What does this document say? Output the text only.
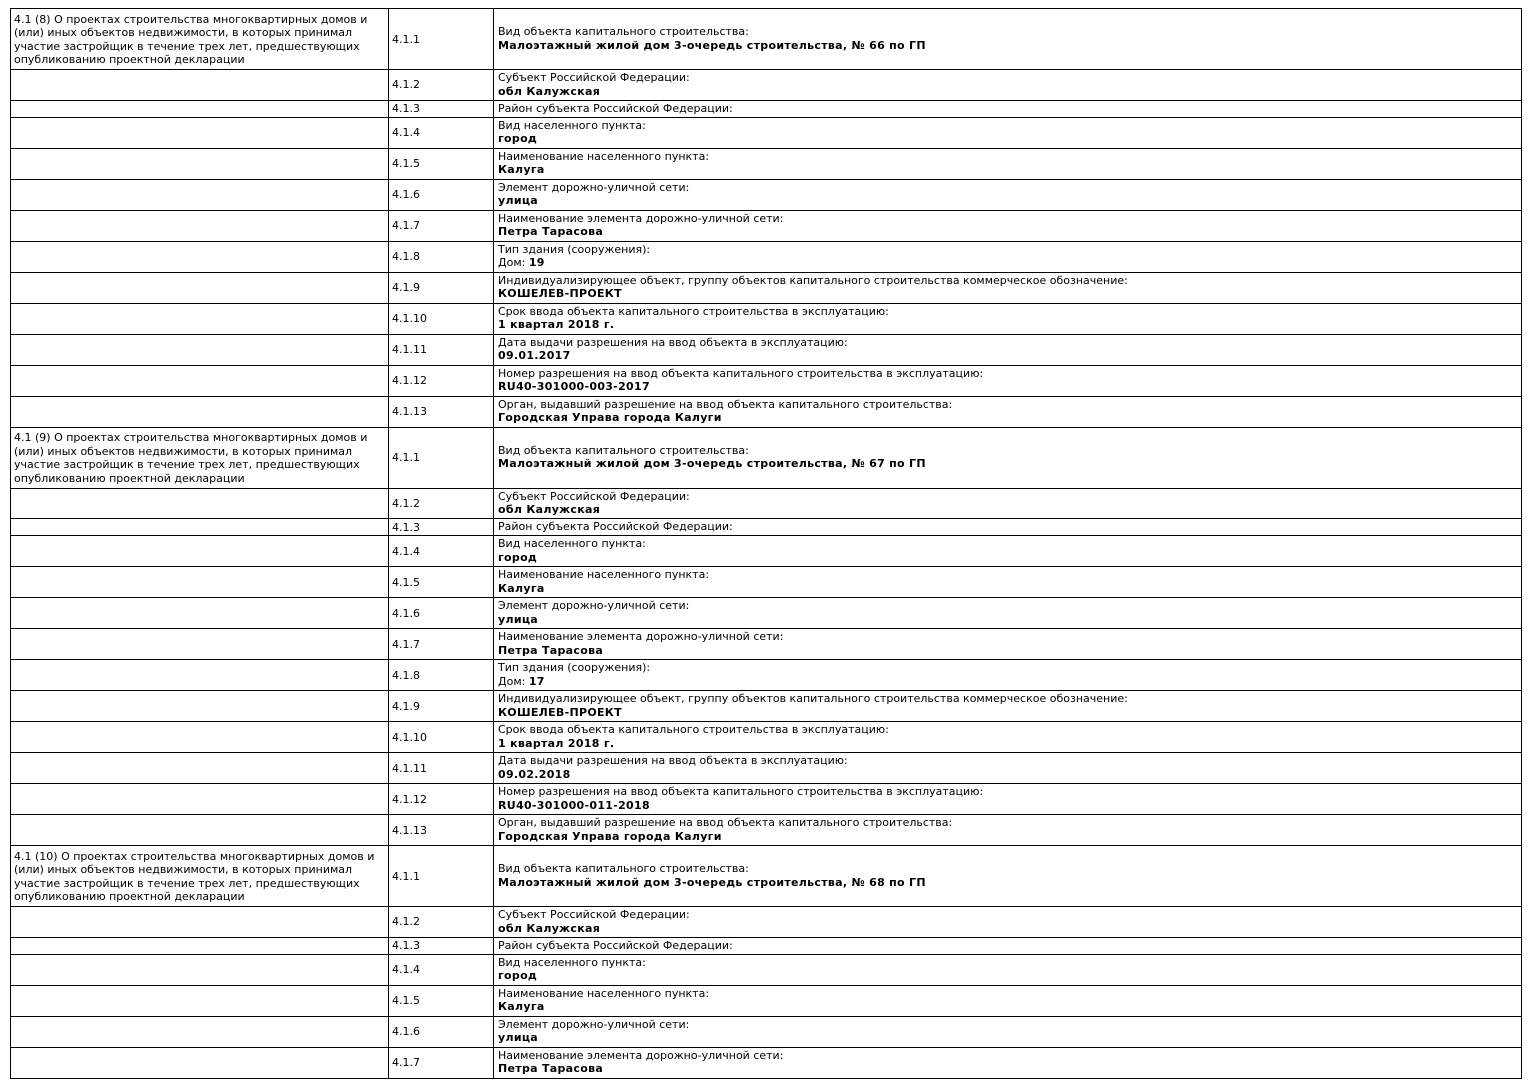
4.1 (8) О проектах строительства многоквартирных домов и (или) иных объектов недвижимости, в которых принимал участие застройщик в течение трех лет, предшествующих опубликованию проектной декларации	4.1.1	Вид объекта капитального строительства:
Малоэтажный жилой дом 3-очередь строительства, № 66 по ГП

	4.1.2	Субъект Российской Федерации:
обл Калужская

	4.1.3	Район субъекта Российской Федерации:

	4.1.4	Вид населенного пункта:
город

	4.1.5	Наименование населенного пункта:
Калуга

	4.1.6	Элемент дорожно-уличной сети:
улица

	4.1.7	Наименование элемента дорожно-уличной сети:
Петра Тарасова

	4.1.8	Тип здания (сооружения):
Дом: 19

	4.1.9	Индивидуализирующее объект, группу объектов капитального строительства коммерческое обозначение:
КОШЕЛЕВ-ПРОЕКТ

	4.1.10	Срок ввода объекта капитального строительства в эксплуатацию:
1 квартал 2018 г.

	4.1.11	Дата выдачи разрешения на ввод объекта в эксплуатацию:
09.01.2017

	4.1.12	Номер разрешения на ввод объекта капитального строительства в эксплуатацию:
RU40-301000-003-2017

	4.1.13	Орган, выдавший разрешение на ввод объекта капитального строительства:
Городская Управа города Калуги

4.1 (9) О проектах строительства многоквартирных домов и (или) иных объектов недвижимости, в которых принимал участие застройщик в течение трех лет, предшествующих опубликованию проектной декларации	4.1.1	Вид объекта капитального строительства:
Малоэтажный жилой дом 3-очередь строительства, № 67 по ГП

	4.1.2	Субъект Российской Федерации:
обл Калужская

	4.1.3	Район субъекта Российской Федерации:

	4.1.4	Вид населенного пункта:
город

	4.1.5	Наименование населенного пункта:
Калуга

	4.1.6	Элемент дорожно-уличной сети:
улица

	4.1.7	Наименование элемента дорожно-уличной сети:
Петра Тарасова

	4.1.8	Тип здания (сооружения):
Дом: 17

	4.1.9	Индивидуализирующее объект, группу объектов капитального строительства коммерческое обозначение:
КОШЕЛЕВ-ПРОЕКТ

	4.1.10	Срок ввода объекта капитального строительства в эксплуатацию:
1 квартал 2018 г.

	4.1.11	Дата выдачи разрешения на ввод объекта в эксплуатацию:
09.02.2018

	4.1.12	Номер разрешения на ввод объекта капитального строительства в эксплуатацию:
RU40-301000-011-2018

	4.1.13	Орган, выдавший разрешение на ввод объекта капитального строительства:
Городская Управа города Калуги

4.1 (10) О проектах строительства многоквартирных домов и (или) иных объектов недвижимости, в которых принимал участие застройщик в течение трех лет, предшествующих опубликованию проектной декларации	4.1.1	Вид объекта капитального строительства:
Малоэтажный жилой дом 3-очередь строительства, № 68 по ГП

	4.1.2	Субъект Российской Федерации:
обл Калужская

	4.1.3	Район субъекта Российской Федерации:

	4.1.4	Вид населенного пункта:
город

	4.1.5	Наименование населенного пункта:
Калуга

	4.1.6	Элемент дорожно-уличной сети:
улица

	4.1.7	Наименование элемента дорожно-уличной сети:
Петра Тарасова
